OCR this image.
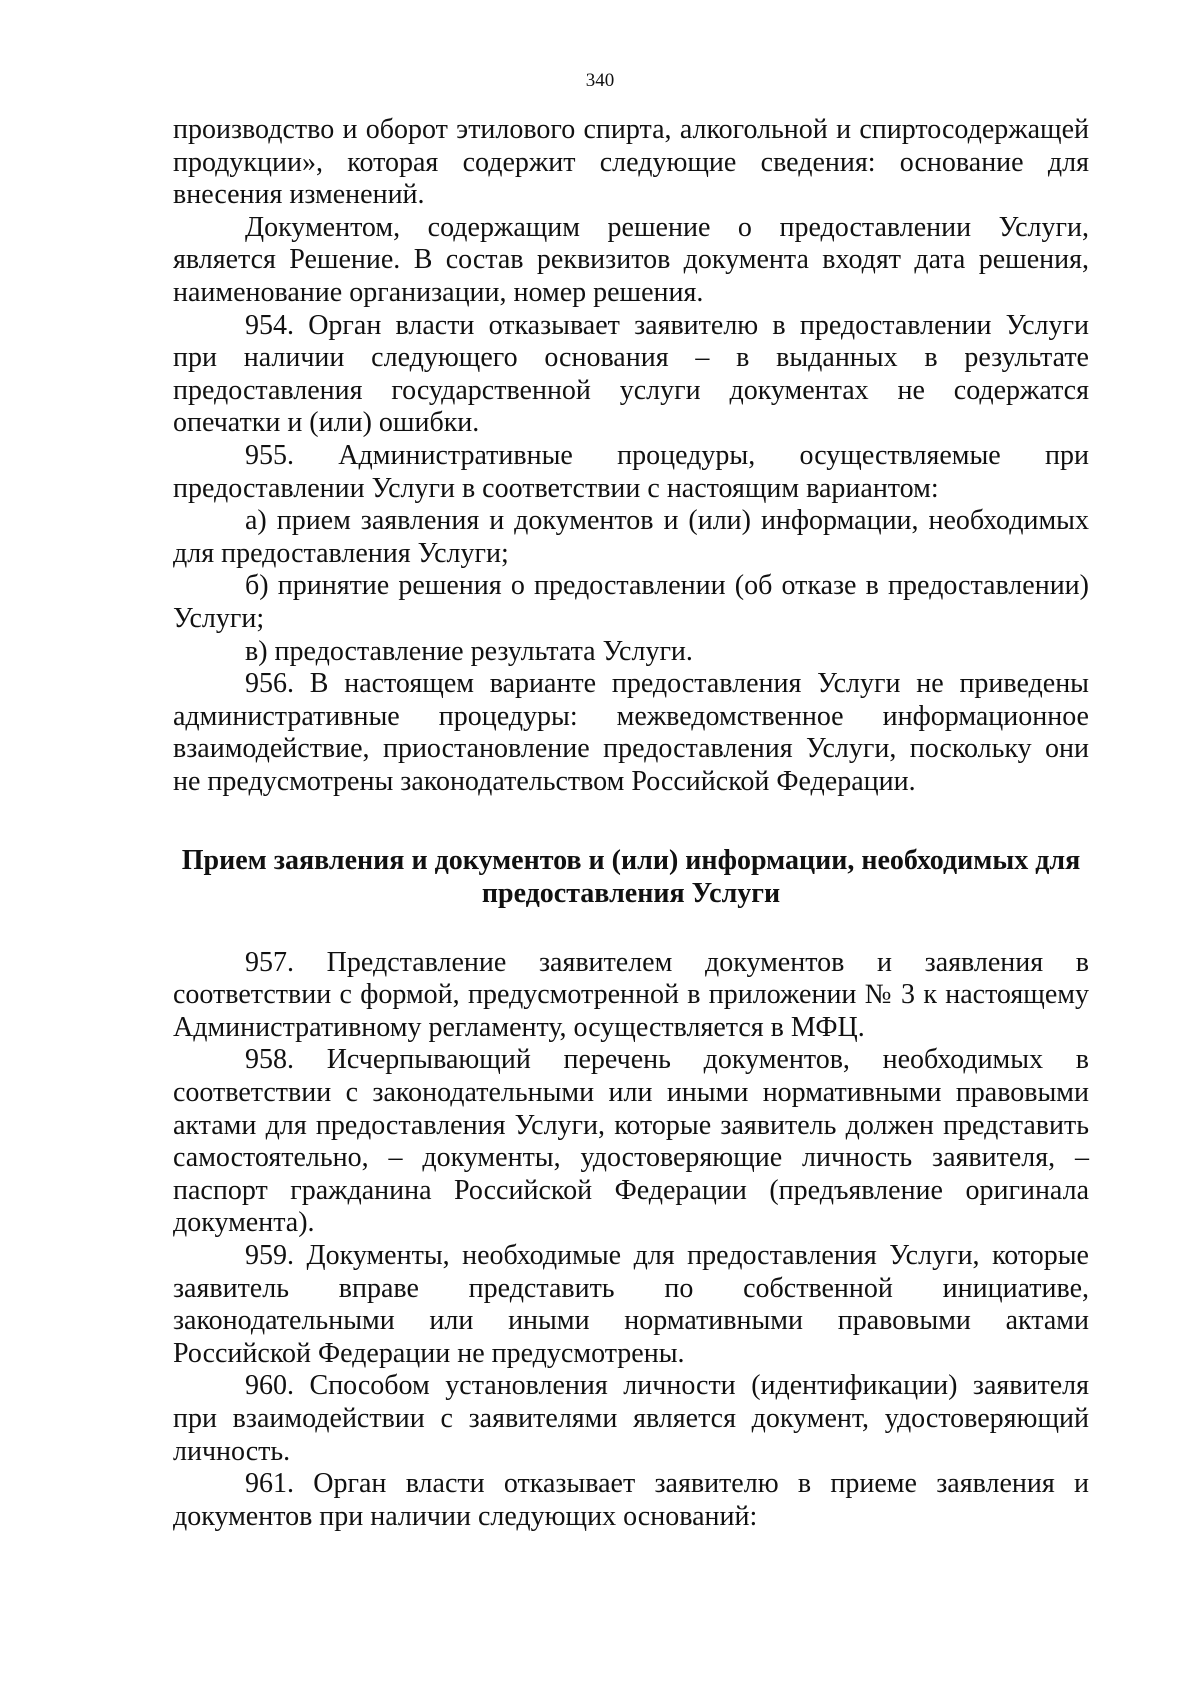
340

производство и оборот этилового спирта, алкогольной и спиртосодержащей продукции», которая содержит следующие сведения: основание для внесения изменений.

Документом, содержащим решение о предоставлении Услуги, является Решение. В состав реквизитов документа входят дата решения, наименование организации, номер решения.

954. Орган власти отказывает заявителю в предоставлении Услуги при наличии следующего основания – в выданных в результате предоставления государственной услуги документах не содержатся опечатки и (или) ошибки.

955. Административные процедуры, осуществляемые при предоставлении Услуги в соответствии с настоящим вариантом:

а) прием заявления и документов и (или) информации, необходимых для предоставления Услуги;

б) принятие решения о предоставлении (об отказе в предоставлении) Услуги;

в) предоставление результата Услуги.

956. В настоящем варианте предоставления Услуги не приведены административные процедуры: межведомственное информационное взаимодействие, приостановление предоставления Услуги, поскольку они не предусмотрены законодательством Российской Федерации.

Прием заявления и документов и (или) информации, необходимых для предоставления Услуги

957. Представление заявителем документов и заявления в соответствии с формой, предусмотренной в приложении № 3 к настоящему Административному регламенту, осуществляется в МФЦ.

958. Исчерпывающий перечень документов, необходимых в соответствии с законодательными или иными нормативными правовыми актами для предоставления Услуги, которые заявитель должен представить самостоятельно, – документы, удостоверяющие личность заявителя, – паспорт гражданина Российской Федерации (предъявление оригинала документа).

959. Документы, необходимые для предоставления Услуги, которые заявитель вправе представить по собственной инициативе, законодательными или иными нормативными правовыми актами Российской Федерации не предусмотрены.

960. Способом установления личности (идентификации) заявителя при взаимодействии с заявителями является документ, удостоверяющий личность.

961. Орган власти отказывает заявителю в приеме заявления и документов при наличии следующих оснований:
